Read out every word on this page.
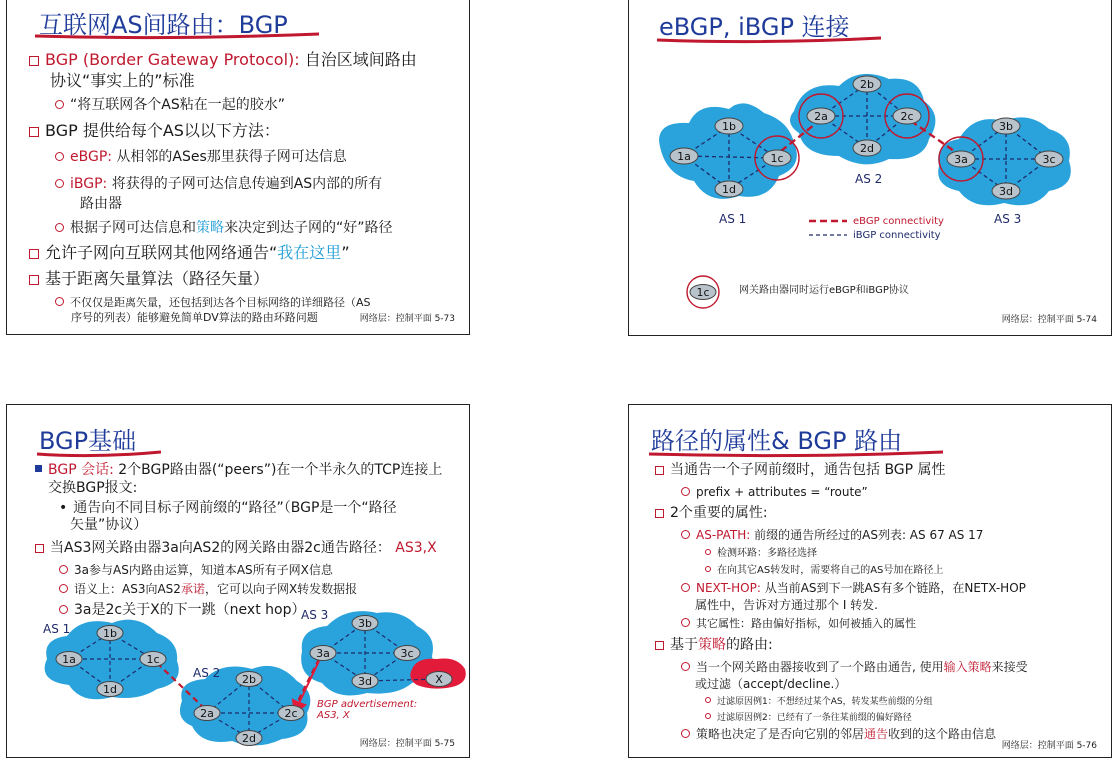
互联网AS间路由：BGP
BGP (Border Gateway Protocol): 自治区域间路由
协议“事实上的”标准
“将互联网各个AS粘在一起的胶水”
BGP 提供给每个AS以以下方法：
eBGP: 从相邻的ASes那里获得子网可达信息
iBGP: 将获得的子网可达信息传遍到AS内部的所有
路由器
根据子网可达信息和策略来决定到达子网的“好”路径
允许子网向互联网其他网络通告“我在这里”
基于距离矢量算法（路径矢量）
不仅仅是距离矢量，还包括到达各个目标网络的详细路径（AS
序号的列表）能够避免简单DV算法的路由环路问题	网络层：控制平面 5-73
eBGP, iBGP 连接
1a
1b
1c
1d
2a
2b
2c
2d
3a
3b
3c
3d
AS 1
AS 2
AS 3
eBGP connectivity
iBGP connectivity
1c	网关路由器同时运行eBGP和iBGP协议
网络层：控制平面 5-74
BGP基础
BGP 会话: 2个BGP路由器(“peers”)在一个半永久的TCP连接上
交换BGP报文:
• 通告向不同目标子网前缀的“路径”（BGP是一个“路径
矢量”协议）
当AS3网关路由器3a向AS2的网关路由器2c通告路径： AS3,X
3a参与AS内路由运算，知道本AS所有子网X信息
语义上：AS3向AS2承诺，它可以向子网X转发数据报
3a是2c关于X的下一跳（next hop）
1a
1b
1c
1d
2a
2b
2c
2d
3a
3b
3c
3d	X
AS 1
AS 2
AS 3
BGP advertisement:
AS3, X
网络层：控制平面 5-75
路径的属性& BGP 路由
当通告一个子网前缀时，通告包括 BGP 属性
prefix + attributes = “route”
2个重要的属性:
AS-PATH: 前缀的通告所经过的AS列表: AS 67 AS 17
检测环路：多路径选择
在向其它AS转发时，需要将自己的AS号加在路径上
NEXT-HOP: 从当前AS到下一跳AS有多个链路，在NETX-HOP
属性中，告诉对方通过那个 I 转发.
其它属性：路由偏好指标，如何被插入的属性
基于策略的路由:
当一个网关路由器接收到了一个路由通告, 使用输入策略来接受
或过滤（accept/decline.）
过滤原因例1：不想经过某个AS，转发某些前缀的分组
过滤原因例2：已经有了一条往某前缀的偏好路径
策略也决定了是否向它别的邻居通告收到的这个路由信息
网络层：控制平面 5-76
